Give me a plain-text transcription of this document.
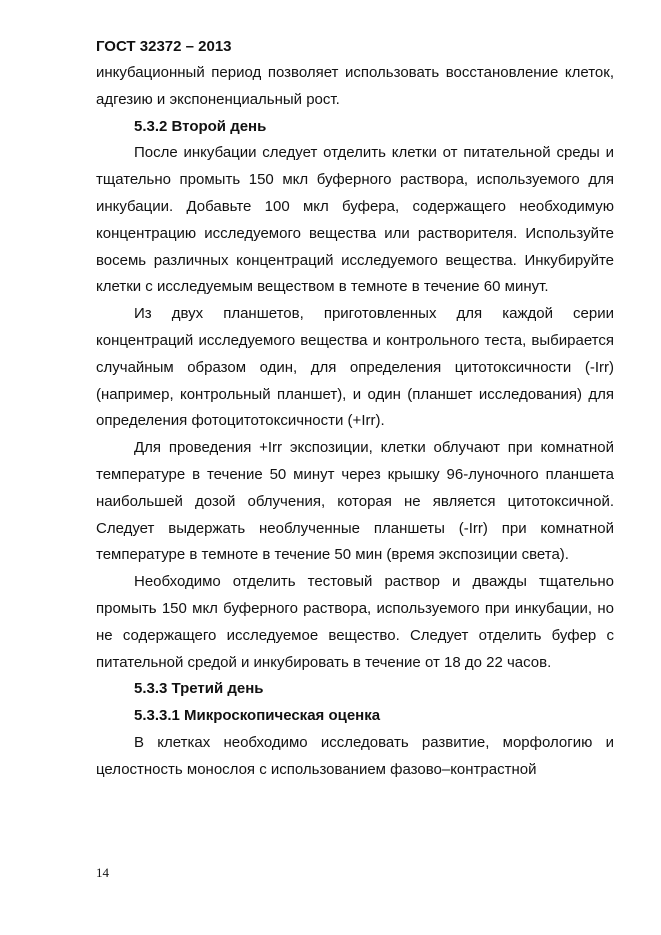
ГОСТ 32372 – 2013

инкубационный период позволяет использовать восстановление клеток, адгезию и экспоненциальный рост.

5.3.2 Второй день

После инкубации следует отделить клетки от питательной среды и тщательно промыть 150 мкл буферного раствора, используемого для инкубации. Добавьте 100 мкл буфера, содержащего необходимую концентрацию исследуемого вещества или растворителя. Используйте восемь различных концентраций исследуемого вещества. Инкубируйте клетки с исследуемым веществом в темноте в течение 60 минут.

Из двух планшетов, приготовленных для каждой серии концентраций исследуемого вещества и контрольного теста, выбирается случайным образом один, для определения цитотоксичности (-Irr) (например, контрольный планшет), и один (планшет исследования) для определения фотоцитотоксичности (+Irr).

Для проведения +Irr экспозиции, клетки облучают при комнатной температуре в течение 50 минут через крышку 96-луночного планшета наибольшей дозой облучения, которая не является цитотоксичной. Следует выдержать необлученные планшеты (-Irr) при комнатной температуре в темноте в течение 50 мин (время экспозиции света).

Необходимо отделить тестовый раствор и дважды тщательно промыть 150 мкл буферного раствора, используемого при инкубации, но не содержащего исследуемое вещество. Следует отделить буфер с питательной средой и инкубировать в течение от 18 до 22 часов.

5.3.3 Третий день
5.3.3.1 Микроскопическая оценка

В клетках необходимо исследовать развитие, морфологию и целостность монослоя с использованием фазово–контрастной

14
